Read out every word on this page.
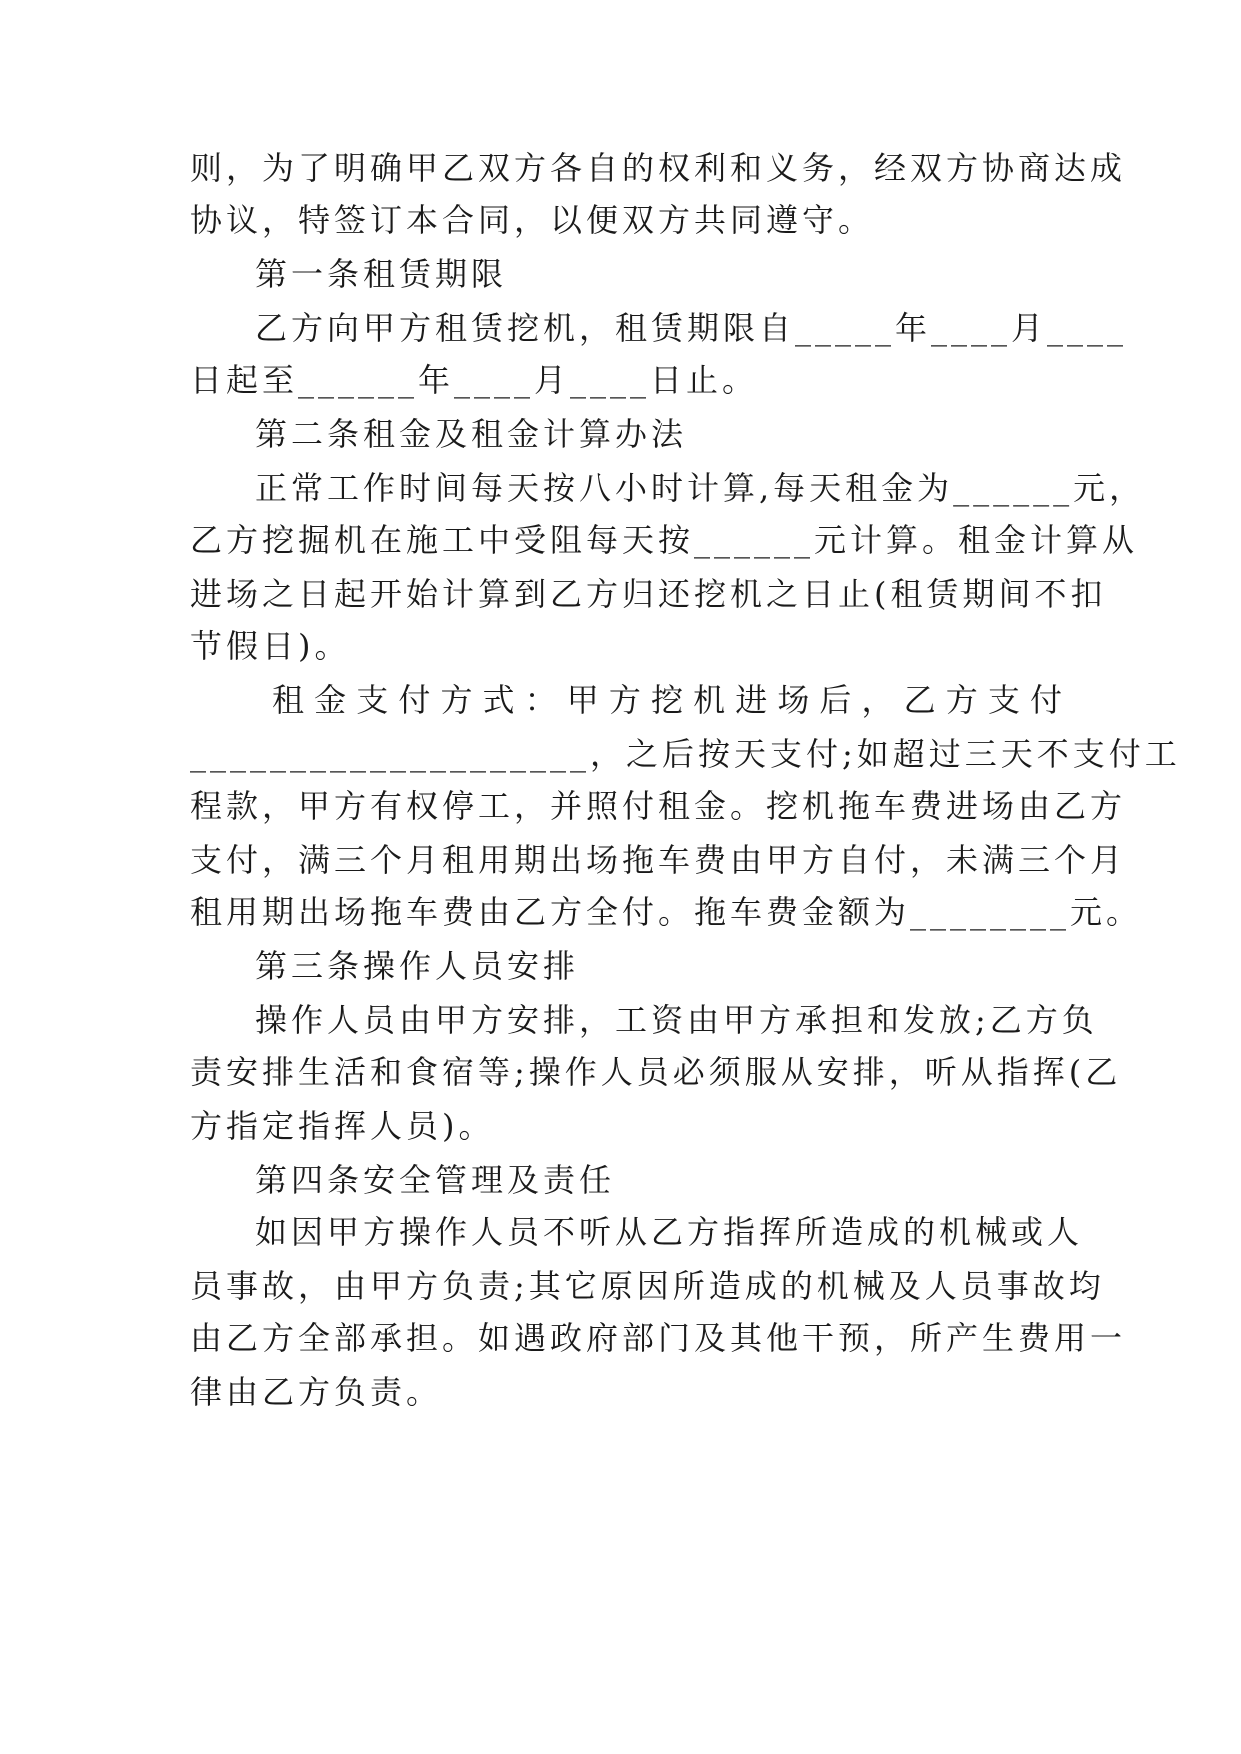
则，为了明确甲乙双方各自的权利和义务，经双方协商达成
协议，特签订本合同，以便双方共同遵守。
第一条租赁期限
乙方向甲方租赁挖机，租赁期限自_____年____月____
日起至______年____月____日止。
第二条租金及租金计算办法
正常工作时间每天按八小时计算,每天租金为______元，
乙方挖掘机在施工中受阻每天按______元计算。租金计算从
进场之日起开始计算到乙方归还挖机之日止(租赁期间不扣
节假日)。
租 金 支 付 方 式 ： 甲 方 挖 机 进 场 后 ， 乙 方 支 付
____________________，之后按天支付;如超过三天不支付工
程款，甲方有权停工，并照付租金。挖机拖车费进场由乙方
支付，满三个月租用期出场拖车费由甲方自付，未满三个月
租用期出场拖车费由乙方全付。拖车费金额为________元。
第三条操作人员安排
操作人员由甲方安排，工资由甲方承担和发放;乙方负
责安排生活和食宿等;操作人员必须服从安排，听从指挥(乙
方指定指挥人员)。
第四条安全管理及责任
如因甲方操作人员不听从乙方指挥所造成的机械或人
员事故，由甲方负责;其它原因所造成的机械及人员事故均
由乙方全部承担。如遇政府部门及其他干预，所产生费用一
律由乙方负责。
